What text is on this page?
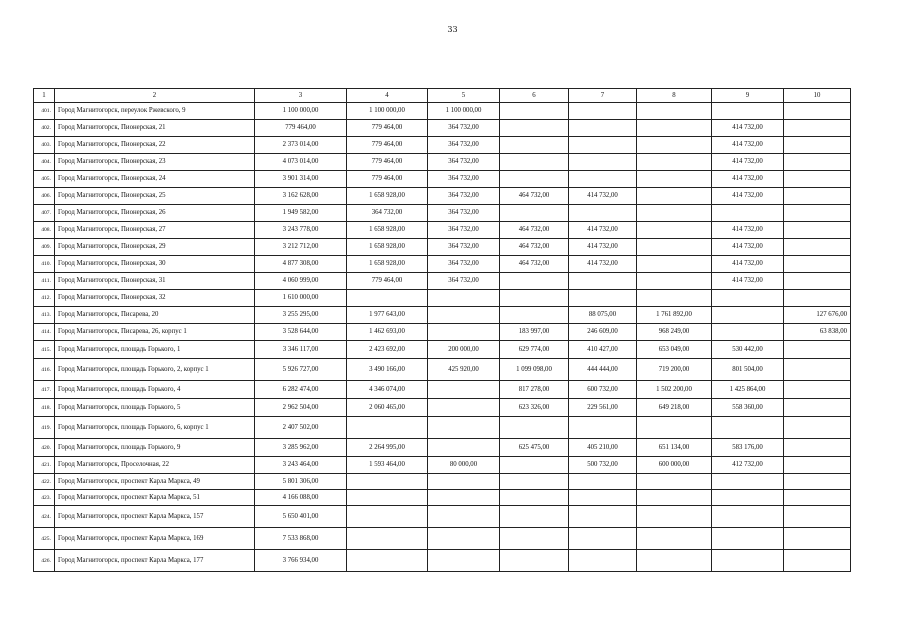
33
1	2	3	4	5	6	7	8	9	10
401.	Город Магнитогорск, переулок Ржевского, 9	1 100 000,00	1 100 000,00	1 100 000,00					
402.	Город Магнитогорск, Пионерская, 21	779 464,00	779 464,00	364 732,00				414 732,00	
403.	Город Магнитогорск, Пионерская, 22	2 373 014,00	779 464,00	364 732,00				414 732,00	
404.	Город Магнитогорск, Пионерская, 23	4 073 014,00	779 464,00	364 732,00				414 732,00	
405.	Город Магнитогорск, Пионерская, 24	3 901 314,00	779 464,00	364 732,00				414 732,00	
406.	Город Магнитогорск, Пионерская, 25	3 162 628,00	1 658 928,00	364 732,00	464 732,00	414 732,00		414 732,00	
407.	Город Магнитогорск, Пионерская, 26	1 949 582,00	364 732,00	364 732,00					
408.	Город Магнитогорск, Пионерская, 27	3 243 778,00	1 658 928,00	364 732,00	464 732,00	414 732,00		414 732,00	
409.	Город Магнитогорск, Пионерская, 29	3 212 712,00	1 658 928,00	364 732,00	464 732,00	414 732,00		414 732,00	
410.	Город Магнитогорск, Пионерская, 30	4 877 308,00	1 658 928,00	364 732,00	464 732,00	414 732,00		414 732,00	
411.	Город Магнитогорск, Пионерская, 31	4 060 999,00	779 464,00	364 732,00				414 732,00	
412.	Город Магнитогорск, Пионерская, 32	1 610 000,00							
413.	Город Магнитогорск, Писарева, 20	3 255 295,00	1 977 643,00			88 075,00	1 761 892,00		127 676,00
414.	Город Магнитогорск, Писарева, 26, корпус 1	3 528 644,00	1 462 693,00		183 997,00	246 609,00	968 249,00		63 838,00
415.	Город Магнитогорск, площадь Горького, 1	3 346 117,00	2 423 692,00	200 000,00	629 774,00	410 427,00	653 049,00	530 442,00	
416.	Город Магнитогорск, площадь Горького, 2, корпус 1	5 926 727,00	3 490 166,00	425 920,00	1 099 098,00	444 444,00	719 200,00	801 504,00	
417.	Город Магнитогорск, площадь Горького, 4	6 282 474,00	4 346 074,00		817 278,00	600 732,00	1 502 200,00	1 425 864,00	
418.	Город Магнитогорск, площадь Горького, 5	2 962 504,00	2 060 465,00		623 326,00	229 561,00	649 218,00	558 360,00	
419.	Город Магнитогорск, площадь Горького, 6, корпус 1	2 407 502,00							
420.	Город Магнитогорск, площадь Горького, 9	3 285 962,00	2 264 995,00		625 475,00	405 210,00	651 134,00	583 176,00	
421.	Город Магнитогорск, Проселочная, 22	3 243 464,00	1 593 464,00	80 000,00		500 732,00	600 000,00	412 732,00	
422.	Город Магнитогорск, проспект Карла Маркса, 49	5 801 306,00							
423.	Город Магнитогорск, проспект Карла Маркса, 51	4 166 088,00							
424.	Город Магнитогорск, проспект Карла Маркса, 157	5 650 401,00							
425.	Город Магнитогорск, проспект Карла Маркса, 169	7 533 868,00							
426.	Город Магнитогорск, проспект Карла Маркса, 177	3 766 934,00							
